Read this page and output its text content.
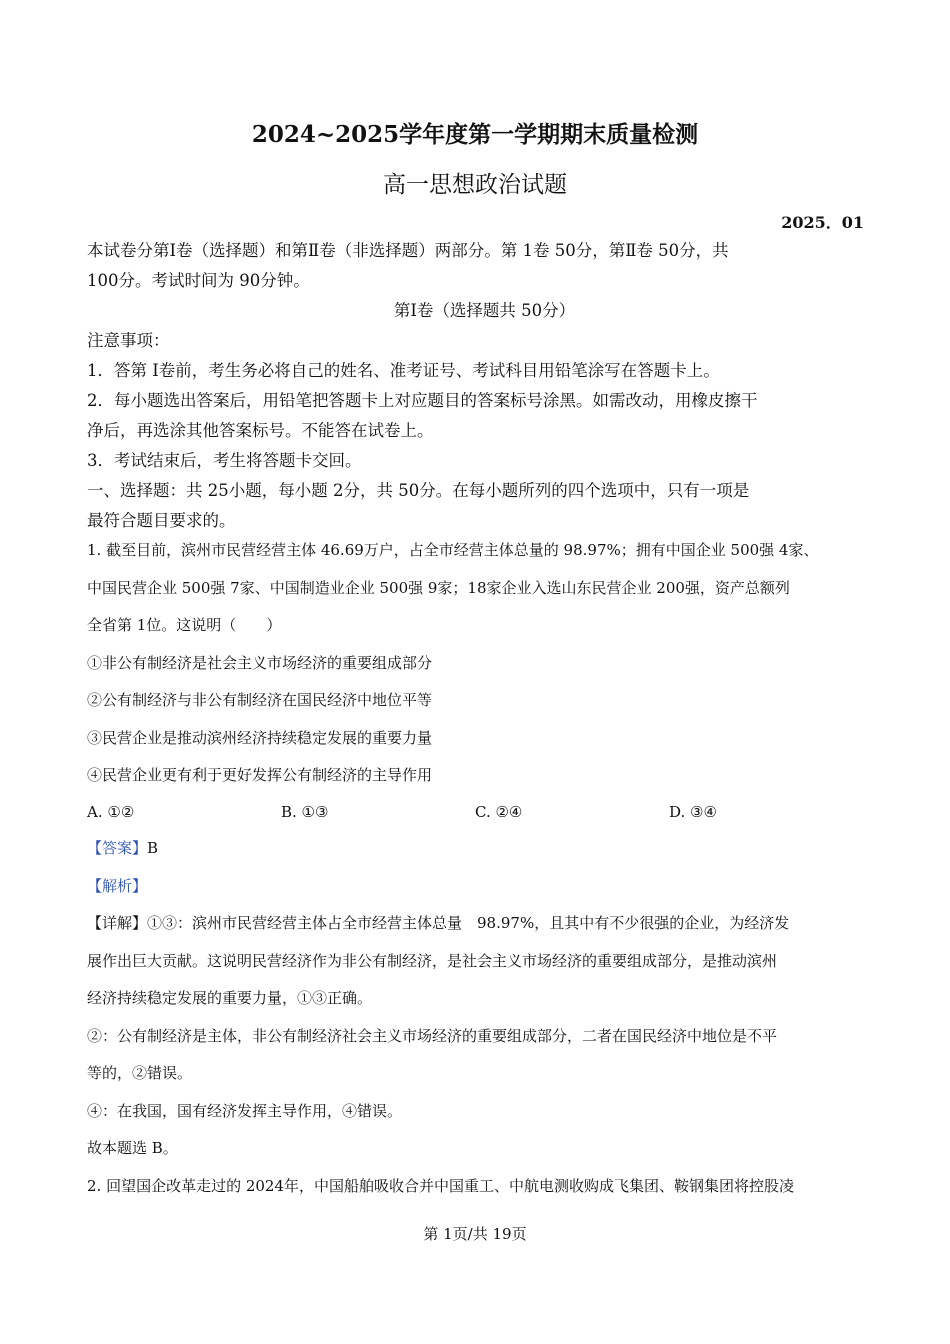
2024~2025学年度第一学期期末质量检测
高一思想政治试题
2025．01

本试卷分第Ⅰ卷（选择题）和第Ⅱ卷（非选择题）两部分。第 1卷 50分，第Ⅱ卷 50分，共

100分。考试时间为 90分钟。

第Ⅰ卷（选择题共 50分）

注意事项：

1．答第 Ⅰ卷前，考生务必将自己的姓名、准考证号、考试科目用铅笔涂写在答题卡上。

2．每小题选出答案后，用铅笔把答题卡上对应题目的答案标号涂黑。如需改动，用橡皮擦干

净后，再选涂其他答案标号。不能答在试卷上。

3．考试结束后，考生将答题卡交回。

一、选择题：共 25小题，每小题 2分，共 50分。在每小题所列的四个选项中，只有一项是

最符合题目要求的。

1. 截至目前，滨州市民营经营主体 46.69万户，占全市经营主体总量的 98.97%；拥有中国企业 500强 4家、

中国民营企业 500强 7家、中国制造业企业 500强 9家；18家企业入选山东民营企业 200强，资产总额列

全省第 1位。这说明（　　）

①非公有制经济是社会主义市场经济的重要组成部分

②公有制经济与非公有制经济在国民经济中地位平等

③民营企业是推动滨州经济持续稳定发展的重要力量

④民营企业更有利于更好发挥公有制经济的主导作用

A. ①②	B. ①③	C. ②④	D. ③④

【答案】B

【解析】

【详解】①③：滨州市民营经营主体占全市经营主体总量　98.97%，且其中有不少很强的企业，为经济发

展作出巨大贡献。这说明民营经济作为非公有制经济，是社会主义市场经济的重要组成部分，是推动滨州

经济持续稳定发展的重要力量，①③正确。

②：公有制经济是主体，非公有制经济社会主义市场经济的重要组成部分，二者在国民经济中地位是不平

等的，②错误。

④：在我国，国有经济发挥主导作用，④错误。

故本题选 B。

2. 回望国企改革走过的 2024年，中国船舶吸收合并中国重工、中航电测收购成飞集团、鞍钢集团将控股凌

第 1页/共 19页
